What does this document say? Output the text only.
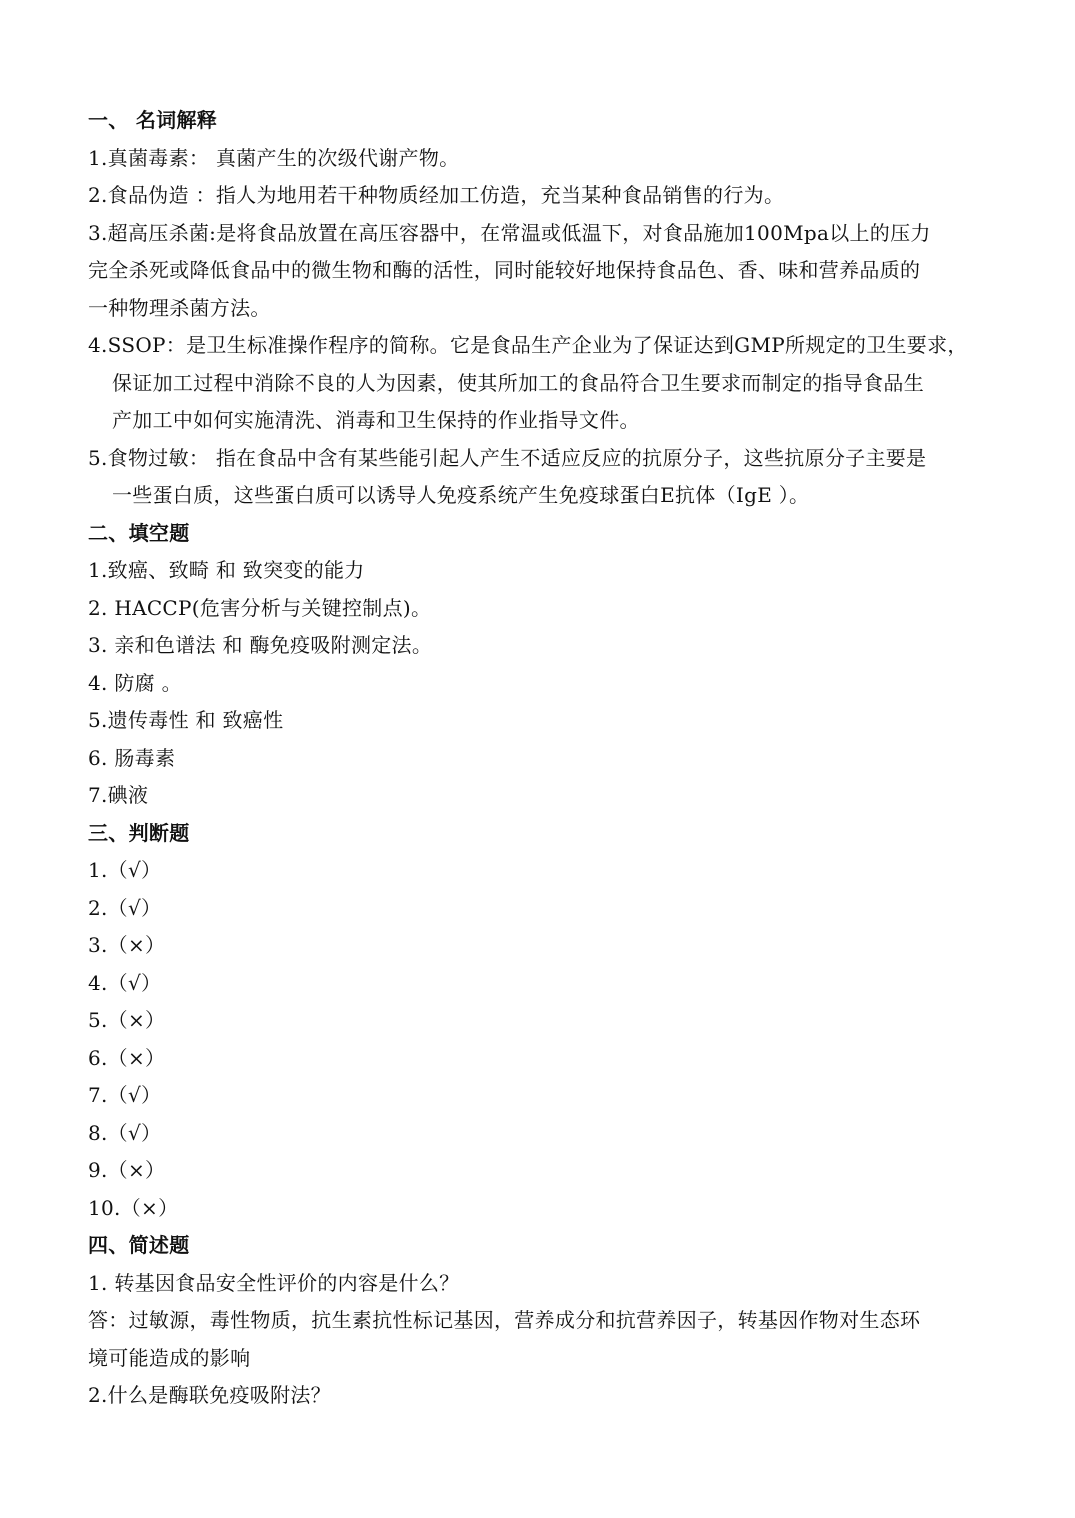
一、 名词解释
1.真菌毒素： 真菌产生的次级代谢产物。
2.食品伪造 ：指人为地用若干种物质经加工仿造，充当某种食品销售的行为。
3.超高压杀菌:是将食品放置在高压容器中，在常温或低温下，对食品施加100Mpa以上的压力
完全杀死或降低食品中的微生物和酶的活性，同时能较好地保持食品色、香、味和营养品质的
一种物理杀菌方法。
4.SSOP：是卫生标准操作程序的简称。它是食品生产企业为了保证达到GMP所规定的卫生要求，
保证加工过程中消除不良的人为因素，使其所加工的食品符合卫生要求而制定的指导食品生
产加工中如何实施清洗、消毒和卫生保持的作业指导文件。
5.食物过敏： 指在食品中含有某些能引起人产生不适应反应的抗原分子，这些抗原分子主要是
一些蛋白质，这些蛋白质可以诱导人免疫系统产生免疫球蛋白E抗体（IgE ）。
二、填空题
1.致癌、致畸 和 致突变的能力
2. HACCP(危害分析与关键控制点)。
3. 亲和色谱法 和 酶免疫吸附测定法。
4. 防腐 。
5.遗传毒性 和 致癌性
6. 肠毒素
7.碘液
三、判断题
1.（√）
2.（√）
3.（×）
4.（√）
5.（×）
6.（×）
7.（√）
8.（√）
9.（×）
10.（×）
四、简述题
1. 转基因食品安全性评价的内容是什么？
答：过敏源，毒性物质，抗生素抗性标记基因，营养成分和抗营养因子，转基因作物对生态环
境可能造成的影响
2.什么是酶联免疫吸附法？
